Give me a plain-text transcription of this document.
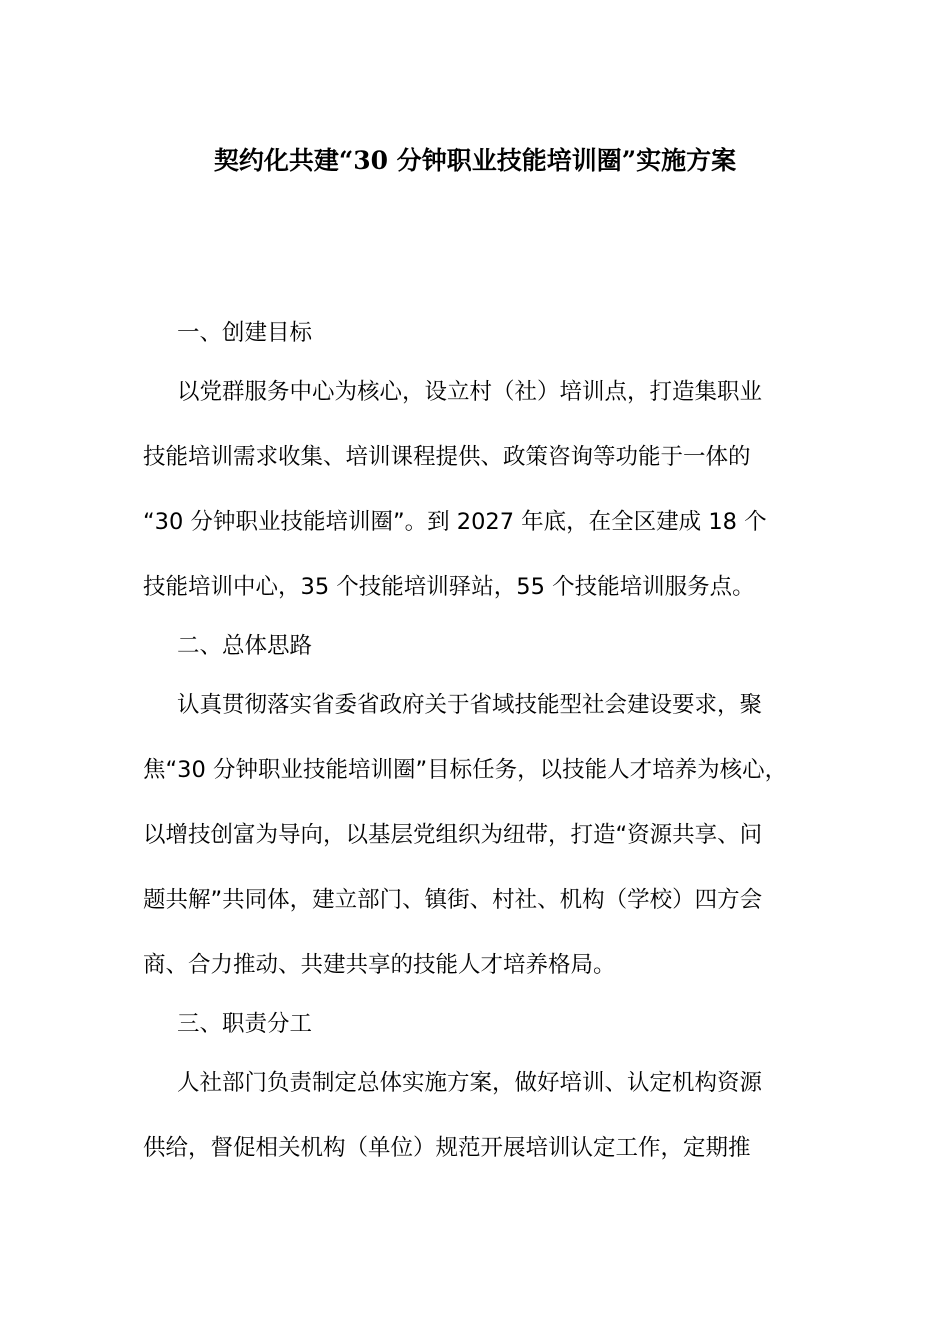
契约化共建“30 分钟职业技能培训圈”实施方案

一、创建目标

以党群服务中心为核心，设立村（社）培训点，打造集职业

技能培训需求收集、培训课程提供、政策咨询等功能于一体的

“30 分钟职业技能培训圈”。到 2027 年底，在全区建成 18 个

技能培训中心，35 个技能培训驿站，55 个技能培训服务点。

二、总体思路

认真贯彻落实省委省政府关于省域技能型社会建设要求，聚

焦“30 分钟职业技能培训圈”目标任务，以技能人才培养为核心，

以增技创富为导向，以基层党组织为纽带，打造“资源共享、问

题共解”共同体，建立部门、镇街、村社、机构（学校）四方会

商、合力推动、共建共享的技能人才培养格局。

三、职责分工

人社部门负责制定总体实施方案，做好培训、认定机构资源

供给，督促相关机构（单位）规范开展培训认定工作，定期推
